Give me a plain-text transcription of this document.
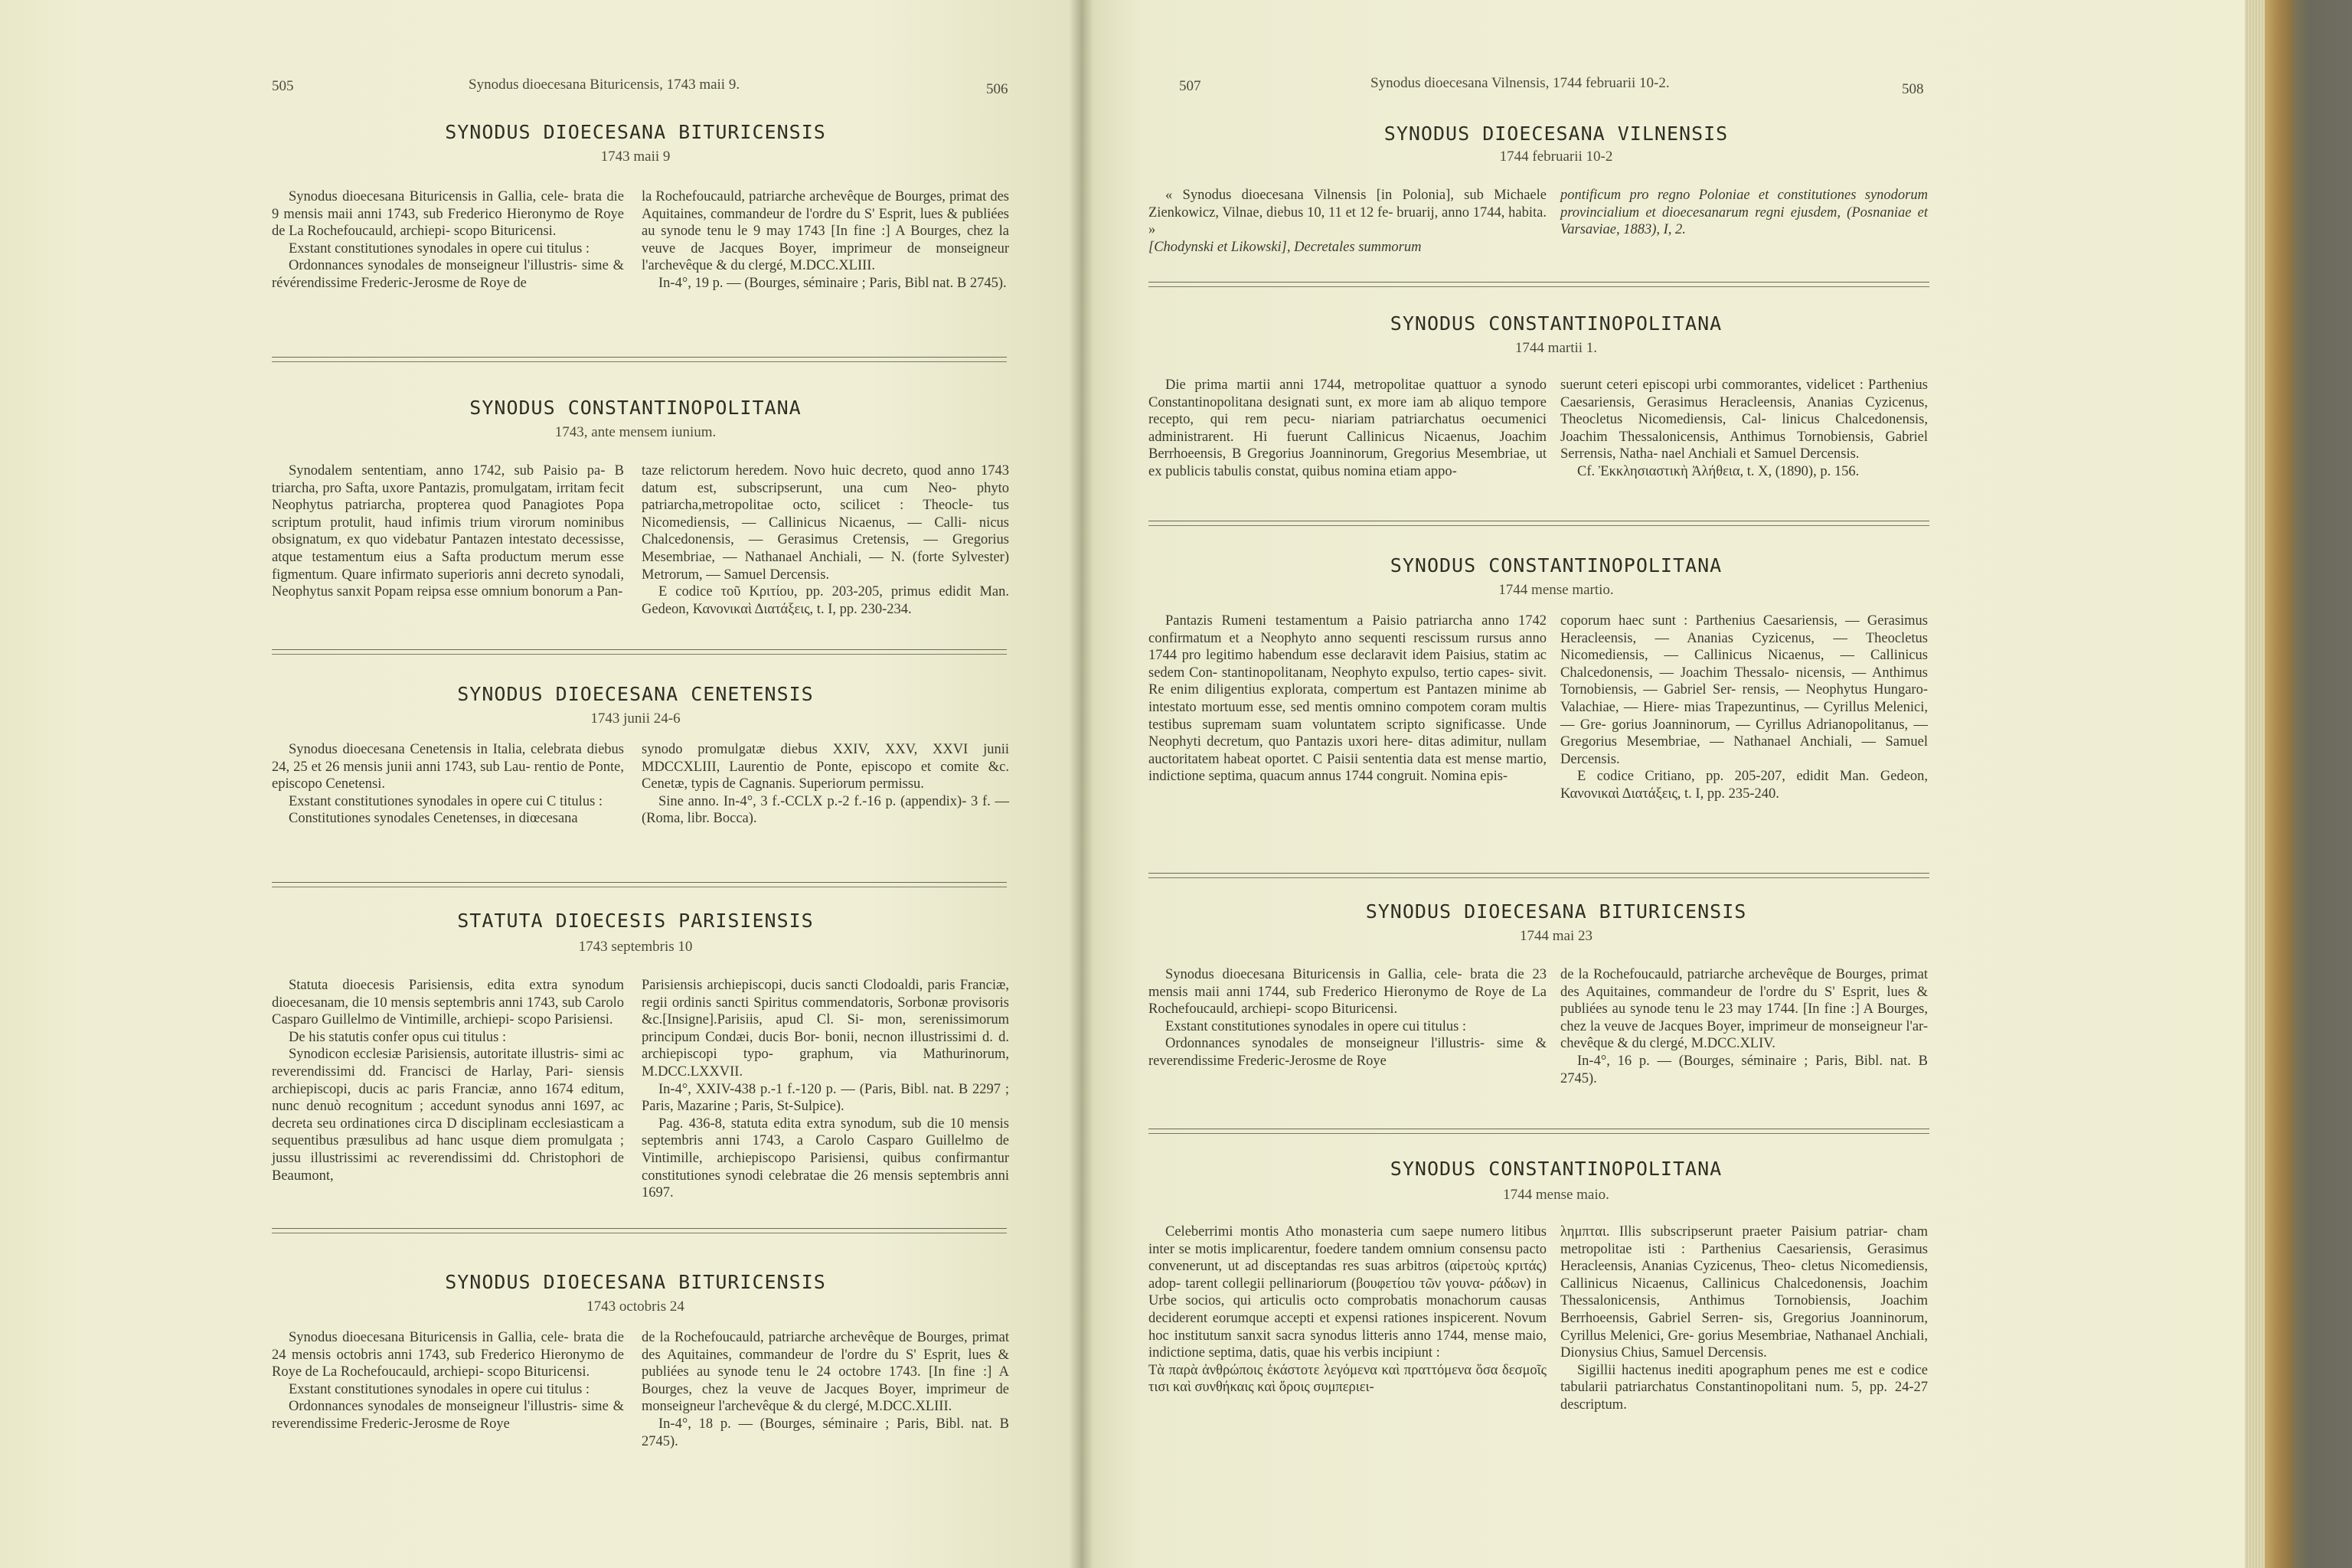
505	Synodus dioecesana Bituricensis, 1743 maii 9.	506
SYNODUS DIOECESANA BITURICENSIS
1743 maii 9

Synodus dioecesana Bituricensis in Gallia, cele- brata die 9 mensis maii anni 1743, sub Frederico Hieronymo de Roye de La Rochefoucauld, archiepi- scopo Bituricensi.

Exstant constitutiones synodales in opere cui titulus :

Ordonnances synodales de monseigneur l'illustris- sime & révérendissime Frederic-Jerosme de Roye de

la Rochefoucauld, patriarche archevêque de Bourges, primat des Aquitaines, commandeur de l'ordre du S' Esprit, lues & publiées au synode tenu le 9 may 1743 [In fine :] A Bourges, chez la veuve de Jacques Boyer, imprimeur de monseigneur l'archevêque & du clergé, M.DCC.XLIII.

In-4°, 19 p. — (Bourges, séminaire ; Paris, Bibl nat. B 2745).

SYNODUS CONSTANTINOPOLITANA
1743, ante mensem iunium.

Synodalem sententiam, anno 1742, sub Paisio pa- B triarcha, pro Safta, uxore Pantazis, promulgatam, irritam fecit Neophytus patriarcha, propterea quod Panagiotes Popa scriptum protulit, haud infimis trium virorum nominibus obsignatum, ex quo videbatur Pantazen intestato decessisse, atque testamentum eius a Safta productum merum esse figmentum. Quare infirmato superioris anni decreto synodali, Neophytus sanxit Popam reipsa esse omnium bonorum a Pan-

taze relictorum heredem. Novo huic decreto, quod anno 1743 datum est, subscripserunt, una cum Neo- phyto patriarcha,metropolitae octo, scilicet : Theocle- tus Nicomediensis, — Callinicus Nicaenus, — Calli- nicus Chalcedonensis, — Gerasimus Cretensis, — Gregorius Mesembriae, — Nathanael Anchiali, — N. (forte Sylvester) Metrorum, — Samuel Dercensis.

E codice τοῦ Κριτίου, pp. 203-205, primus edidit Man. Gedeon, Κανονικαὶ Διατάξεις, t. I, pp. 230-234.

SYNODUS DIOECESANA CENETENSIS
1743 junii 24-6

Synodus dioecesana Cenetensis in Italia, celebrata diebus 24, 25 et 26 mensis junii anni 1743, sub Lau- rentio de Ponte, episcopo Cenetensi.

Exstant constitutiones synodales in opere cui C titulus :

Constitutiones synodales Cenetenses, in diœcesana

synodo promulgatæ diebus XXIV, XXV, XXVI junii MDCCXLIII, Laurentio de Ponte, episcopo et comite &c. Cenetæ, typis de Cagnanis. Superiorum permissu.

Sine anno. In-4°, 3 f.-CCLX p.-2 f.-16 p. (appendix)- 3 f. — (Roma, libr. Bocca).

STATUTA DIOECESIS PARISIENSIS
1743 septembris 10

Statuta dioecesis Parisiensis, edita extra synodum dioecesanam, die 10 mensis septembris anni 1743, sub Carolo Casparo Guillelmo de Vintimille, archiepi- scopo Parisiensi.

De his statutis confer opus cui titulus :

Synodicon ecclesiæ Parisiensis, autoritate illustris- simi ac reverendissimi dd. Francisci de Harlay, Pari- siensis archiepiscopi, ducis ac paris Franciæ, anno 1674 editum, nunc denuò recognitum ; accedunt synodus anni 1697, ac decreta seu ordinationes circa D disciplinam ecclesiasticam a sequentibus præsulibus ad hanc usque diem promulgata ; jussu illustrissimi ac reverendissimi dd. Christophori de Beaumont,

Parisiensis archiepiscopi, ducis sancti Clodoaldi, paris Franciæ, regii ordinis sancti Spiritus commendatoris, Sorbonæ provisoris &c.[Insigne].Parisiis, apud Cl. Si- mon, serenissimorum principum Condæi, ducis Bor- bonii, necnon illustrissimi d. d. archiepiscopi typo- graphum, via Mathurinorum, M.DCC.LXXVII.

In-4°, XXIV-438 p.-1 f.-120 p. — (Paris, Bibl. nat. B 2297 ; Paris, Mazarine ; Paris, St-Sulpice).

Pag. 436-8, statuta edita extra synodum, sub die 10 mensis septembris anni 1743, a Carolo Casparo Guillelmo de Vintimille, archiepiscopo Parisiensi, quibus confirmantur constitutiones synodi celebratae die 26 mensis septembris anni 1697.

SYNODUS DIOECESANA BITURICENSIS
1743 octobris 24

Synodus dioecesana Bituricensis in Gallia, cele- brata die 24 mensis octobris anni 1743, sub Frederico Hieronymo de Roye de La Rochefoucauld, archiepi- scopo Bituricensi.

Exstant constitutiones synodales in opere cui titulus :

Ordonnances synodales de monseigneur l'illustris- sime & reverendissime Frederic-Jerosme de Roye

de la Rochefoucauld, patriarche archevêque de Bourges, primat des Aquitaines, commandeur de l'ordre du S' Esprit, lues & publiées au synode tenu le 24 octobre 1743. [In fine :] A Bourges, chez la veuve de Jacques Boyer, imprimeur de monseigneur l'archevêque & du clergé, M.DCC.XLIII.

In-4°, 18 p. — (Bourges, séminaire ; Paris, Bibl. nat. B 2745).

507	Synodus dioecesana Vilnensis, 1744 februarii 10-2.	508
SYNODUS DIOECESANA VILNENSIS
1744 februarii 10-2

« Synodus dioecesana Vilnensis [in Polonia], sub Michaele Zienkowicz, Vilnae, diebus 10, 11 et 12 fe- bruarij, anno 1744, habita. »

[Chodynski et Likowski], Decretales summorum

pontificum pro regno Poloniae et constitutiones synodorum provincialium et dioecesanarum regni ejusdem, (Posnaniae et Varsaviae, 1883), I, 2.

SYNODUS CONSTANTINOPOLITANA
1744 martii 1.

Die prima martii anni 1744, metropolitae quattuor a synodo Constantinopolitana designati sunt, ex more iam ab aliquo tempore recepto, qui rem pecu- niariam patriarchatus oecumenici administrarent. Hi fuerunt Callinicus Nicaenus, Joachim Berrhoeensis, B Gregorius Joanninorum, Gregorius Mesembriae, ut ex publicis tabulis constat, quibus nomina etiam appo-

suerunt ceteri episcopi urbi commorantes, videlicet : Parthenius Caesariensis, Gerasimus Heracleensis, Ananias Cyzicenus, Theocletus Nicomediensis, Cal- linicus Chalcedonensis, Joachim Thessalonicensis, Anthimus Tornobiensis, Gabriel Serrensis, Natha- nael Anchiali et Samuel Dercensis.

Cf. Ἐκκλησιαστικὴ Ἀλήθεια, t. X, (1890), p. 156.

SYNODUS CONSTANTINOPOLITANA
1744 mense martio.

Pantazis Rumeni testamentum a Paisio patriarcha anno 1742 confirmatum et a Neophyto anno sequenti rescissum rursus anno 1744 pro legitimo habendum esse declaravit idem Paisius, statim ac sedem Con- stantinopolitanam, Neophyto expulso, tertio capes- sivit. Re enim diligentius explorata, compertum est Pantazen minime ab intestato mortuum esse, sed mentis omnino compotem coram multis testibus supremam suam voluntatem scripto significasse. Unde Neophyti decretum, quo Pantazis uxori here- ditas adimitur, nullam auctoritatem habeat oportet. C Paisii sententia data est mense martio, indictione septima, quacum annus 1744 congruit. Nomina epis-

coporum haec sunt : Parthenius Caesariensis, — Gerasimus Heracleensis, — Ananias Cyzicenus, — Theocletus Nicomediensis, — Callinicus Nicaenus, — Callinicus Chalcedonensis, — Joachim Thessalo- nicensis, — Anthimus Tornobiensis, — Gabriel Ser- rensis, — Neophytus Hungaro-Valachiae, — Hiere- mias Trapezuntinus, — Cyrillus Melenici, — Gre- gorius Joanninorum, — Cyrillus Adrianopolitanus, — Gregorius Mesembriae, — Nathanael Anchiali, — Samuel Dercensis.

E codice Critiano, pp. 205-207, edidit Man. Gedeon, Κανονικαὶ Διατάξεις, t. I, pp. 235-240.

SYNODUS DIOECESANA BITURICENSIS
1744 mai 23

Synodus dioecesana Bituricensis in Gallia, cele- brata die 23 mensis maii anni 1744, sub Frederico Hieronymo de Roye de La Rochefoucauld, archiepi- scopo Bituricensi.

Exstant constitutiones synodales in opere cui titulus :

Ordonnances synodales de monseigneur l'illustris- sime & reverendissime Frederic-Jerosme de Roye

de la Rochefoucauld, patriarche archevêque de Bourges, primat des Aquitaines, commandeur de l'ordre du S' Esprit, lues & publiées au synode tenu le 23 may 1744. [In fine :] A Bourges, chez la veuve de Jacques Boyer, imprimeur de monseigneur l'ar- chevêque & du clergé, M.DCC.XLIV.

In-4°, 16 p. — (Bourges, séminaire ; Paris, Bibl. nat. B 2745).

SYNODUS CONSTANTINOPOLITANA
1744 mense maio.

Celeberrimi montis Atho monasteria cum saepe numero litibus inter se motis implicarentur, foedere tandem omnium consensu pacto convenerunt, ut ad disceptandas res suas arbitros (αἱρετοὺς κριτάς) adop- tarent collegii pellinariorum (βουφετίου τῶν γουνα- ράδων) in Urbe socios, qui articulis octo comprobatis monachorum causas deciderent eorumque accepti et expensi rationes inspicerent. Novum hoc institutum sanxit sacra synodus litteris anno 1744, mense maio, indictione septima, datis, quae his verbis incipiunt :

Τὰ παρὰ ἀνθρώποις ἑκάστοτε λεγόμενα καὶ πραττόμενα ὅσα δεσμοῖς τισι καὶ συνθήκαις καὶ ὅροις συμπεριει-

λημπται. Illis subscripserunt praeter Paisium patriar- cham metropolitae isti : Parthenius Caesariensis, Gerasimus Heracleensis, Ananias Cyzicenus, Theo- cletus Nicomediensis, Callinicus Nicaenus, Callinicus Chalcedonensis, Joachim Thessalonicensis, Anthimus Tornobiensis, Joachim Berrhoeensis, Gabriel Serren- sis, Gregorius Joanninorum, Cyrillus Melenici, Gre- gorius Mesembriae, Nathanael Anchiali, Dionysius Chius, Samuel Dercensis.

Sigillii hactenus inediti apographum penes me est e codice tabularii patriarchatus Constantinopolitani num. 5, pp. 24-27 descriptum.
